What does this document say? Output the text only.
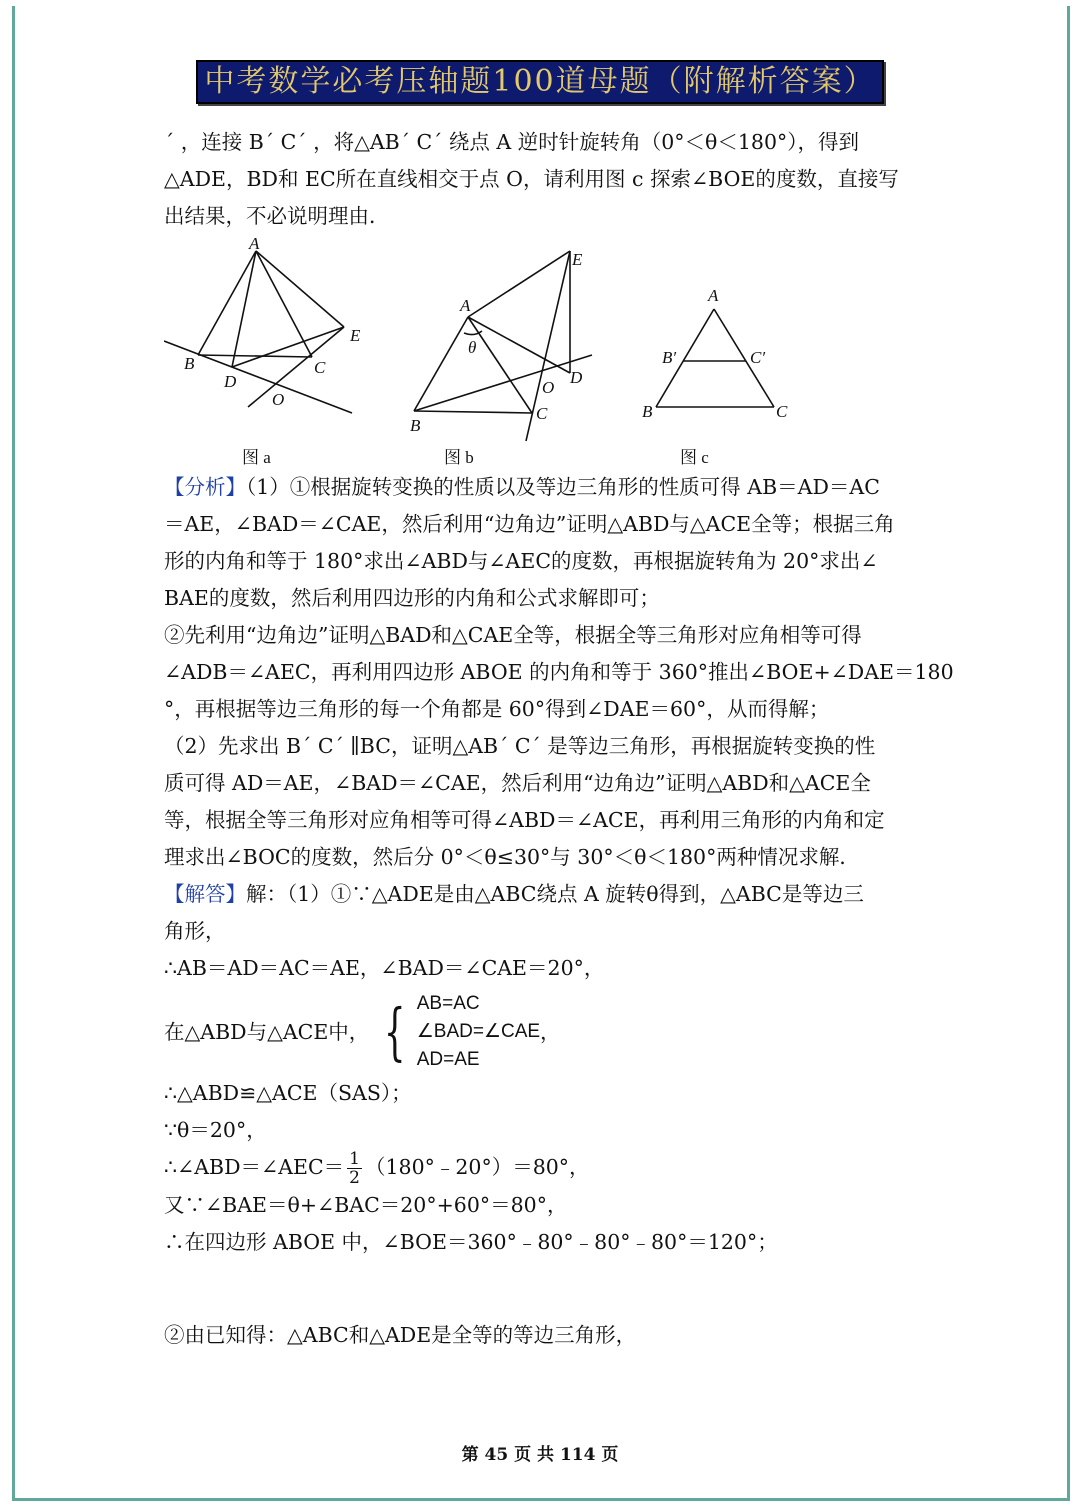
中考数学必考压轴题100道母题（附解析答案）

´ ，连接 B´ C´ ，将△AB´ C´ 绕点 A 逆时针旋转角（0°＜θ＜180°），得到

△ADE，BD和 EC所在直线相交于点 O，请利用图 c 探索∠BOE的度数，直接写

出结果，不必说明理由．

A
B	C
D
E
O
图 a
A
B
C
D
E
O
θ
图 b
A
B	C
B′	C′
图 c

【分析】（1）①根据旋转变换的性质以及等边三角形的性质可得 AB＝AD＝AC

＝AE，∠BAD＝∠CAE，然后利用“边角边”证明△ABD与△ACE全等；根据三角

形的内角和等于 180°求出∠ABD与∠AEC的度数，再根据旋转角为 20°求出∠

BAE的度数，然后利用四边形的内角和公式求解即可；

②先利用“边角边”证明△BAD和△CAE全等，根据全等三角形对应角相等可得

∠ADB＝∠AEC，再利用四边形 ABOE 的内角和等于 360°推出∠BOE+∠DAE＝180

°，再根据等边三角形的每一个角都是 60°得到∠DAE＝60°，从而得解；

（2）先求出 B´ C´ ∥BC，证明△AB´ C´ 是等边三角形，再根据旋转变换的性

质可得 AD＝AE，∠BAD＝∠CAE，然后利用“边角边”证明△ABD和△ACE全

等，根据全等三角形对应角相等可得∠ABD＝∠ACE，再利用三角形的内角和定

理求出∠BOC的度数，然后分 0°＜θ≤30°与 30°＜θ＜180°两种情况求解．

【解答】解：（1）①∵△ADE是由△ABC绕点 A 旋转θ得到，△ABC是等边三

角形，

∴AB＝AD＝AC＝AE，∠BAD＝∠CAE＝20°，

在△ABD与△ACE中， { AB=AC
∠BAD=∠CAE
AD=AE
，

∴△ABD≌△ACE（SAS）；

∵θ＝20°，

∴∠ABD＝∠AEC＝ $\frac{1}{2}$ （180°﹣20°）＝80°，

又∵∠BAE＝θ+∠BAC＝20°+60°＝80°，

∴在四边形 ABOE 中，∠BOE＝360°﹣80°﹣80°﹣80°＝120°；

②由已知得：△ABC和△ADE是全等的等边三角形，

第 45 页 共 114 页
